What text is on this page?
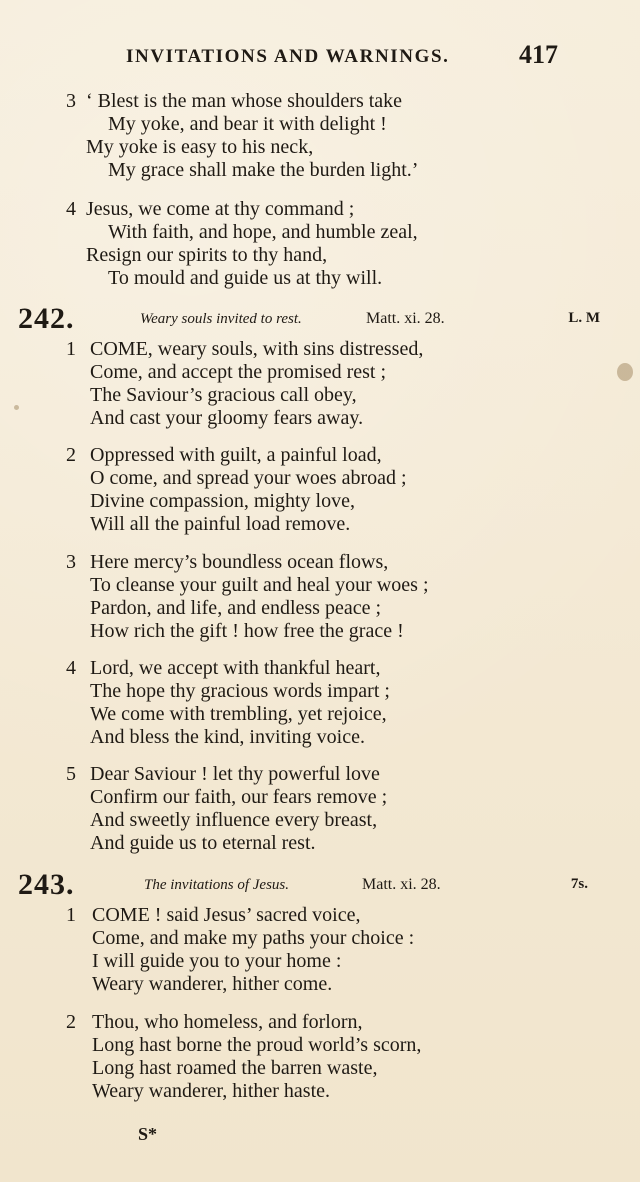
INVITATIONS AND WARNINGS.	417
3 ‘ Blest is the man whose shoulders take
My yoke, and bear it with delight !
My yoke is easy to his neck,
My grace shall make the burden light.’
4 Jesus, we come at thy command ;
With faith, and hope, and humble zeal,
Resign our spirits to thy hand,
To mould and guide us at thy will.
242.	Weary souls invited to rest.	Matt. xi. 28.	L. M
1 COME, weary souls, with sins distressed,
Come, and accept the promised rest ;
The Saviour’s gracious call obey,
And cast your gloomy fears away.
2 Oppressed with guilt, a painful load,
O come, and spread your woes abroad ;
Divine compassion, mighty love,
Will all the painful load remove.
3 Here mercy’s boundless ocean flows,
To cleanse your guilt and heal your woes ;
Pardon, and life, and endless peace ;
How rich the gift ! how free the grace !
4 Lord, we accept with thankful heart,
The hope thy gracious words impart ;
We come with trembling, yet rejoice,
And bless the kind, inviting voice.
5 Dear Saviour ! let thy powerful love
Confirm our faith, our fears remove ;
And sweetly influence every breast,
And guide us to eternal rest.
243.	The invitations of Jesus.	Matt. xi. 28.	7s.
1 COME ! said Jesus’ sacred voice,
Come, and make my paths your choice :
I will guide you to your home :
Weary wanderer, hither come.
2 Thou, who homeless, and forlorn,
Long hast borne the proud world’s scorn,
Long hast roamed the barren waste,
Weary wanderer, hither haste.
S*
